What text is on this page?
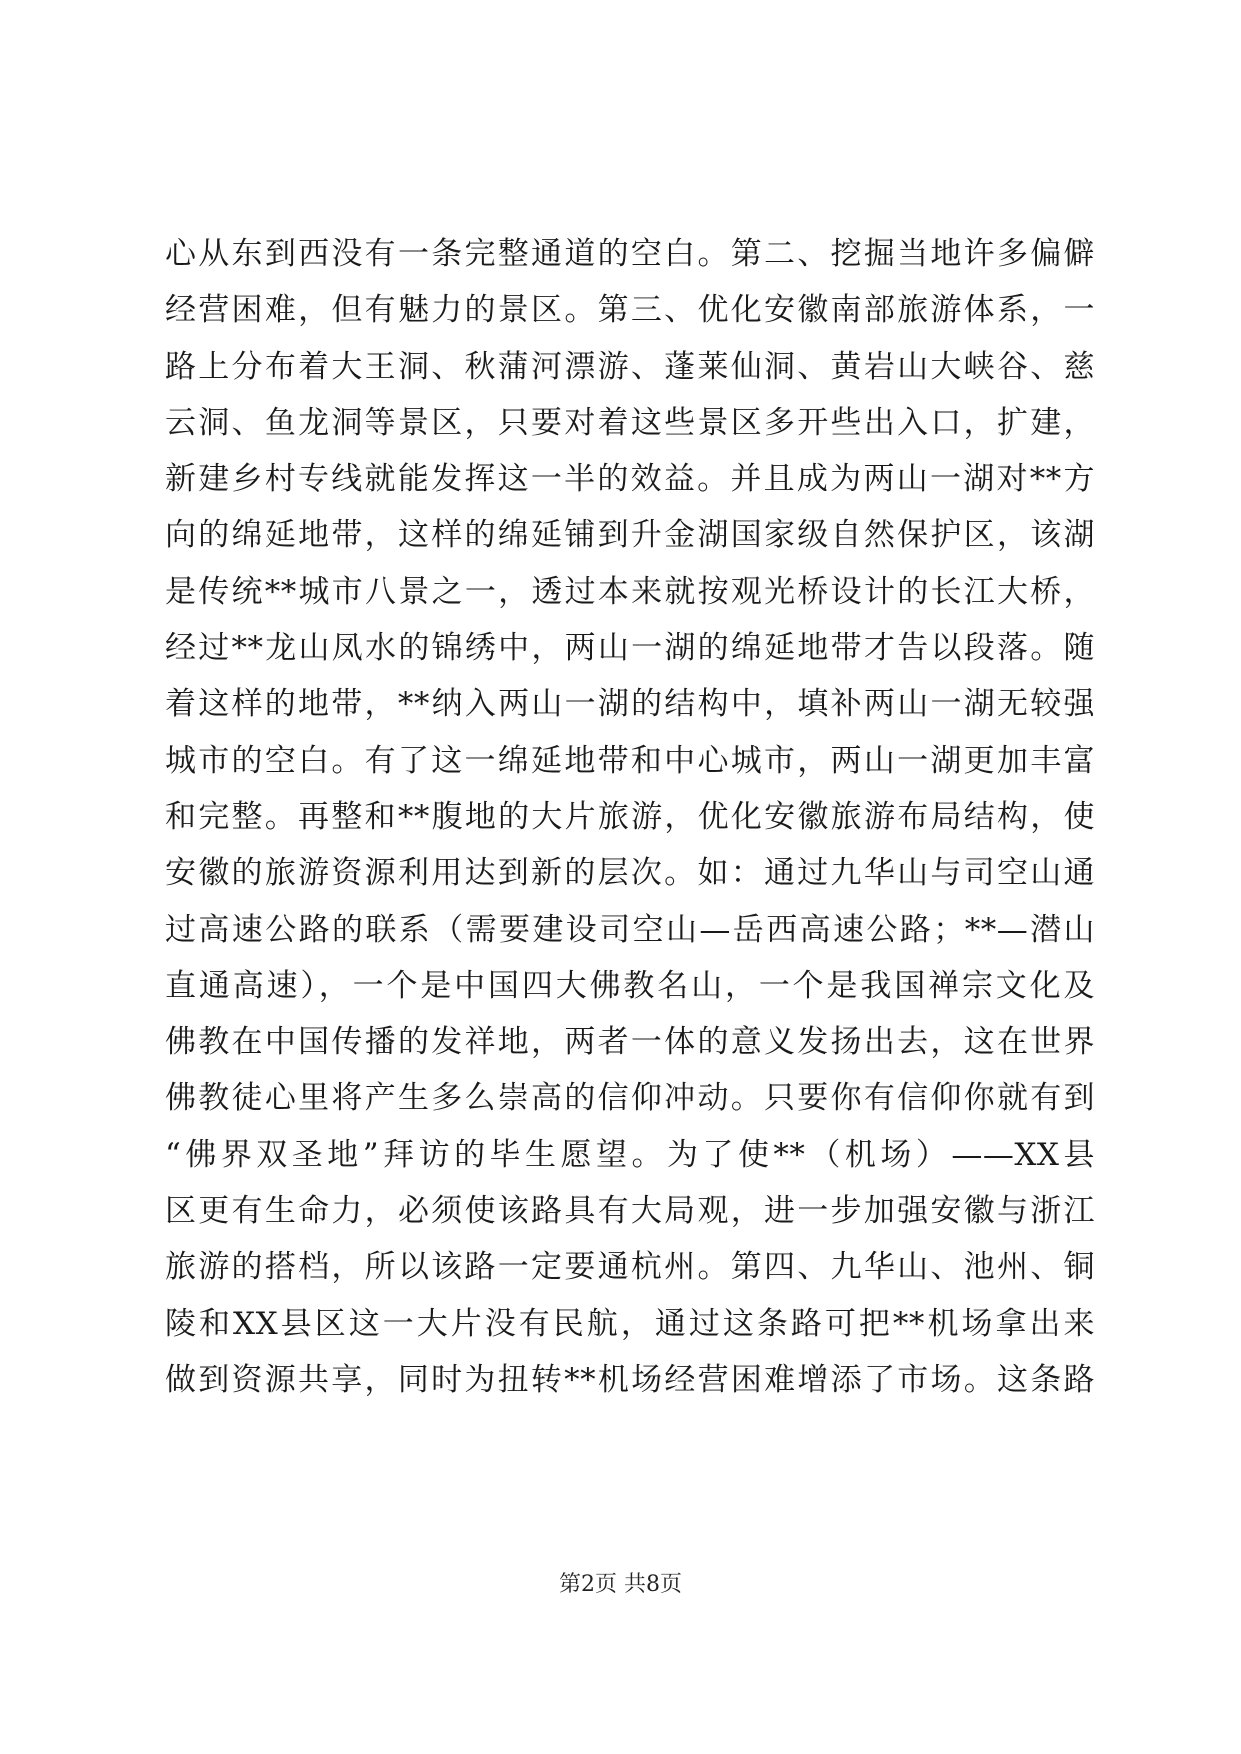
心从东到西没有一条完整通道的空白。第二、挖掘当地许多偏僻
经营困难，但有魅力的景区。第三、优化安徽南部旅游体系，一
路上分布着大王洞、秋蒲河漂游、蓬莱仙洞、黄岩山大峡谷、慈
云洞、鱼龙洞等景区，只要对着这些景区多开些出入口，扩建，
新建乡村专线就能发挥这一半的效益。并且成为两山一湖对**方
向的绵延地带，这样的绵延铺到升金湖国家级自然保护区，该湖
是传统**城市八景之一，透过本来就按观光桥设计的长江大桥，
经过**龙山凤水的锦绣中，两山一湖的绵延地带才告以段落。随
着这样的地带，**纳入两山一湖的结构中，填补两山一湖无较强
城市的空白。有了这一绵延地带和中心城市，两山一湖更加丰富
和完整。再整和**腹地的大片旅游，优化安徽旅游布局结构，使
安徽的旅游资源利用达到新的层次。如：通过九华山与司空山通
过高速公路的联系（需要建设司空山—岳西高速公路；**—潜山
直通高速），一个是中国四大佛教名山，一个是我国禅宗文化及
佛教在中国传播的发祥地，两者一体的意义发扬出去，这在世界
佛教徒心里将产生多么崇高的信仰冲动。只要你有信仰你就有到
“佛界双圣地”拜访的毕生愿望。为了使**（机场）——XX县
区更有生命力，必须使该路具有大局观，进一步加强安徽与浙江
旅游的搭档，所以该路一定要通杭州。第四、九华山、池州、铜
陵和XX县区这一大片没有民航，通过这条路可把**机场拿出来
做到资源共享，同时为扭转**机场经营困难增添了市场。这条路
第2页 共8页
